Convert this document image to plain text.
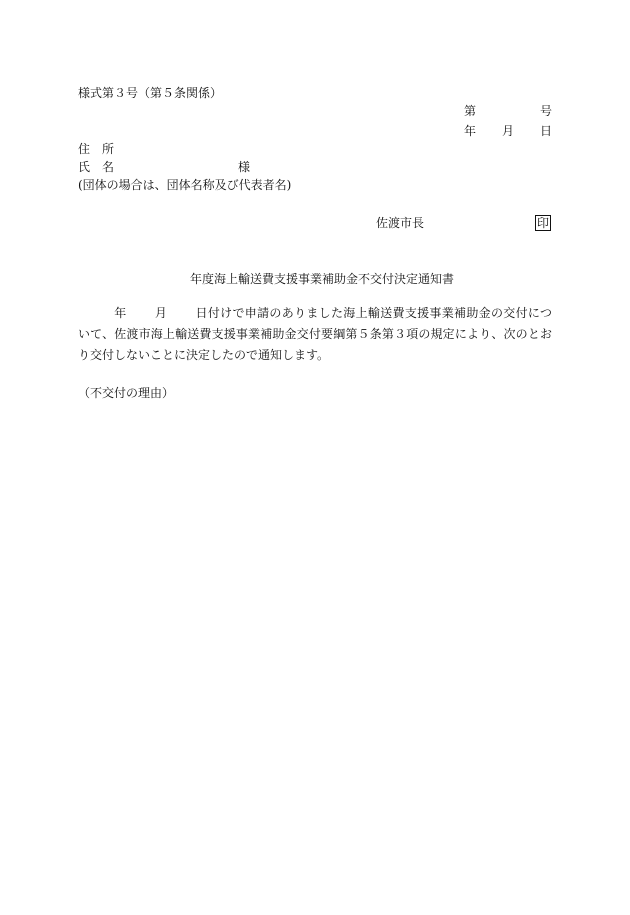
様式第３号（第５条関係）
第	号
年 月 日
住　所
氏　名	様
(団体の場合は、団体名称及び代表者名)
佐渡市長	印
年度海上輸送費支援事業補助金不交付決定通知書
年 月 日付けで申請のありました海上輸送費支援事業補助金の交付について、佐渡市海上輸送費支援事業補助金交付要綱第５条第３項の規定により、次のとおり交付しないことに決定したので通知します。
（不交付の理由）
